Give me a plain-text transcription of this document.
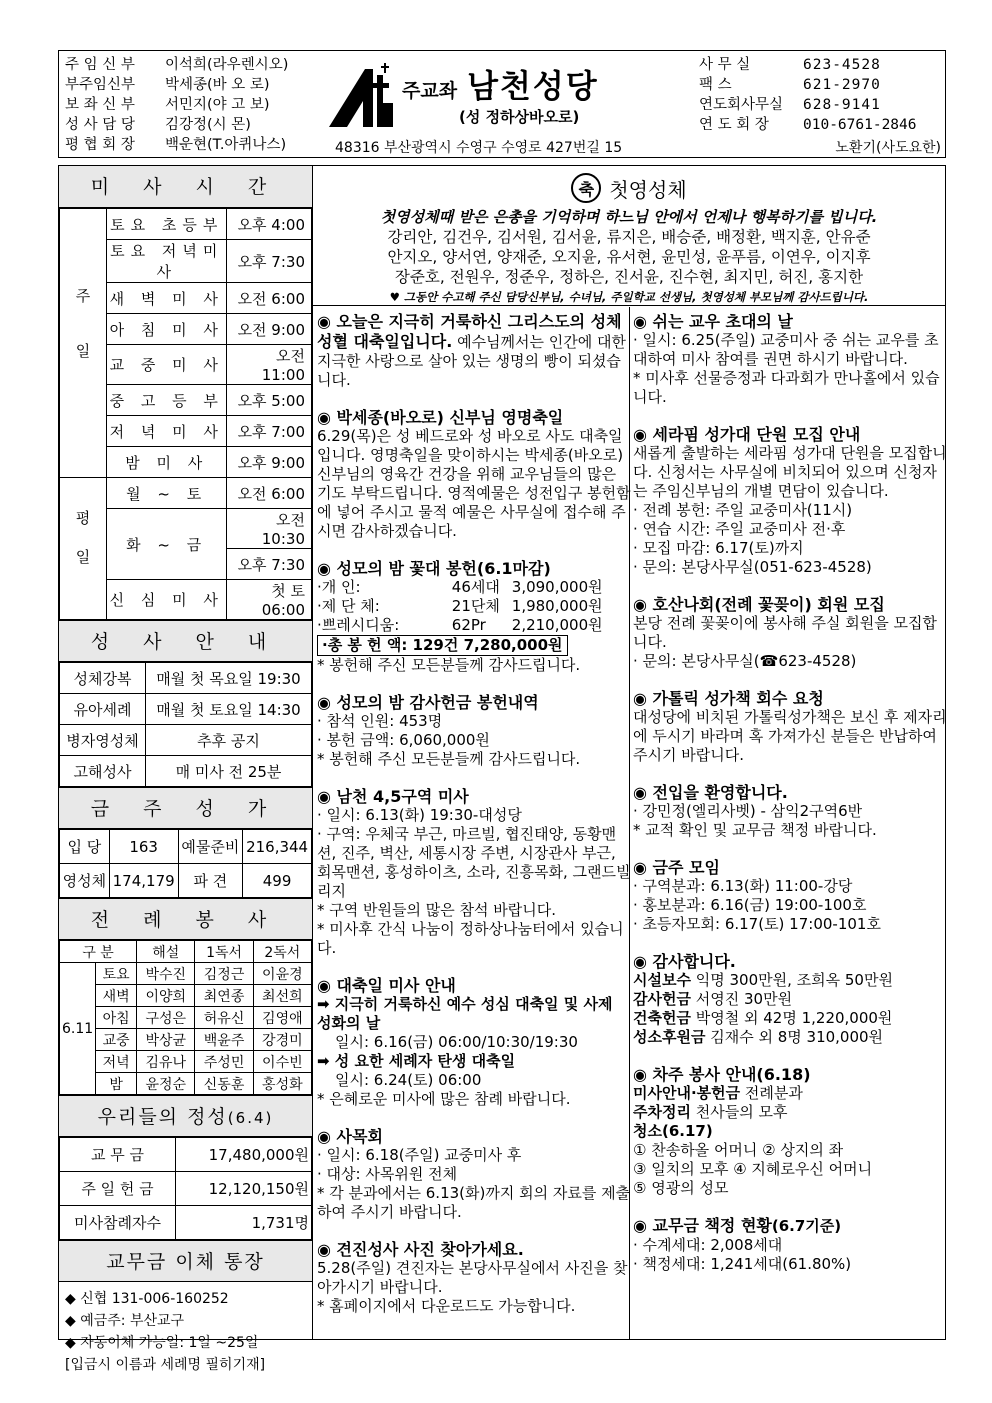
주 임 신 부	이석희(라우렌시오)
부주임신부	박세종(바 오 로)
보 좌 신 부	서민지(야 고 보)
성 사 담 당	김강정(시 몬)
평 협 회 장	백운현(T.아퀴나스)
주교좌 남천성당
(성 정하상바오로)
48316 부산광역시 수영구 수영로 427번길 15
사 무 실	623-4528
팩 스	621-2970
연도회사무실	628-9141
연 도 회 장	010-6761-2846
노환기(사도요한)
미 사 시 간
주일	토요 초등부	오후 4:00
	토요 저녁미사	오후 7:30
	새 벽 미 사	오전 6:00
	아 침 미 사	오전 9:00
	교 중 미 사	오전 11:00
	중 고 등 부	오후 5:00
	저 녁 미 사	오후 7:00
	밤 미 사	오후 9:00
평일	월 ~ 토	오전 6:00
	화 ~ 금	오전 10:30
		오후 7:30
	신 심 미 사	첫 토 06:00
성 사 안 내
성체강복	매월 첫 목요일 19:30
유아세례	매월 첫 토요일 14:30
병자영성체	추후 공지
고해성사	매 미사 전 25분
금 주 성 가
입 당	163	예물준비	216,344
영성체	174,179	파 견	499
전 례 봉 사
구 분		해설	1독서	2독서
6.11	토요	박수진	김정근	이윤경
	새벽	이양희	최연종	최선희
	아침	구성은	허유신	김영애
	교중	박상균	백윤주	강경미
	저녁	김유나	주성민	이수빈
	밤	윤정순	신동훈	홍성화
우리들의 정성(6.4)
교 무 금	17,480,000원
주 일 헌 금	12,120,150원
미사참례자수	1,731명
교무금 이체 통장
◆ 신협 131-006-160252
◆ 예금주: 부산교구
◆ 자동이체 가능일: 1일 ~25일
[입금시 이름과 세례명 필히기재]
축 첫영성체
첫영성체때 받은 은총을 기억하며 하느님 안에서 언제나 행복하기를 빕니다.
강리안, 김건우, 김서원, 김서윤, 류지은, 배승준, 배정환, 백지훈, 안유준
안지오, 양서연, 양재준, 오지윤, 유서현, 윤민성, 윤푸름, 이연우, 이지후
장준호, 전원우, 정준우, 정하은, 진서윤, 진수현, 최지민, 허진, 홍지한
♥ 그동안 수고해 주신 담당신부님, 수녀님, 주일학교 선생님, 첫영성체 부모님께 감사드립니다.

◉ 오늘은 지극히 거룩하신 그리스도의 성체 성혈 대축일입니다. 예수님께서는 인간에 대한 지극한 사랑으로 살아 있는 생명의 빵이 되셨습니다.

◉ 박세종(바오로) 신부님 영명축일

6.29(목)은 성 베드로와 성 바오로 사도 대축일입니다. 영명축일을 맞이하시는 박세종(바오로)신부님의 영육간 건강을 위해 교우님들의 많은 기도 부탁드립니다. 영적예물은 성전입구 봉헌함에 넣어 주시고 물적 예물은 사무실에 접수해 주시면 감사하겠습니다.

◉ 성모의 밤 꽃대 봉헌(6.1마감)

· 개 인:	46세대 3,090,000원

· 제 단 체:	21단체 1,980,000원

· 쁘레시디움:	62Pr	2,210,000원

·총 봉 헌 액: 129건 7,280,000원

* 봉헌해 주신 모든분들께 감사드립니다.

◉ 성모의 밤 감사헌금 봉헌내역

· 참석 인원: 453명

· 봉헌 금액: 6,060,000원

* 봉헌해 주신 모든분들께 감사드립니다.

◉ 남천 4,5구역 미사

· 일시: 6.13(화) 19:30-대성당

· 구역: 우체국 부근, 마르빌, 협진태양, 동황맨션, 진주, 벽산, 세통시장 주변, 시장관사 부근, 회목맨션, 홍성하이츠, 소라, 진흥목화, 그랜드빌리지

* 구역 반원들의 많은 참석 바랍니다.

* 미사후 간식 나눔이 정하상나눔터에서 있습니다.

◉ 대축일 미사 안내

➡ 지극히 거룩하신 예수 성심 대축일 및 사제 성화의 날

일시: 6.16(금) 06:00/10:30/19:30

➡ 성 요한 세례자 탄생 대축일

일시: 6.24(토) 06:00

* 은혜로운 미사에 많은 참례 바랍니다.

◉ 사목회

· 일시: 6.18(주일) 교중미사 후

· 대상: 사목위원 전체

* 각 분과에서는 6.13(화)까지 회의 자료를 제출하여 주시기 바랍니다.

◉ 견진성사 사진 찾아가세요.

5.28(주일) 견진자는 본당사무실에서 사진을 찾아가시기 바랍니다.

* 홈페이지에서 다운로드도 가능합니다.

◉ 쉬는 교우 초대의 날

· 일시: 6.25(주일) 교중미사 중 쉬는 교우를 초대하여 미사 참여를 권면 하시기 바랍니다.

* 미사후 선물증정과 다과회가 만나홀에서 있습니다.

◉ 세라핌 성가대 단원 모집 안내

새롭게 출발하는 세라핌 성가대 단원을 모집합니다. 신청서는 사무실에 비치되어 있으며 신청자는 주임신부님의 개별 면담이 있습니다.

· 전례 봉헌: 주일 교중미사(11시)

· 연습 시간: 주일 교중미사 전·후

· 모집 마감: 6.17(토)까지

· 문의: 본당사무실(051-623-4528)

◉ 호산나회(전례 꽃꽂이) 회원 모집

본당 전례 꽃꽂이에 봉사해 주실 회원을 모집합니다.

· 문의: 본당사무실(☎623-4528)

◉ 가톨릭 성가책 회수 요청

대성당에 비치된 가톨릭성가책은 보신 후 제자리에 두시기 바라며 혹 가져가신 분들은 반납하여 주시기 바랍니다.

◉ 전입을 환영합니다.

· 강민정(엘리사벳) - 삼익2구역6반

* 교적 확인 및 교무금 책정 바랍니다.

◉ 금주 모임

· 구역분과: 6.13(화) 11:00-강당

· 홍보분과: 6.16(금) 19:00-100호

· 초등자모회: 6.17(토) 17:00-101호

◉ 감사합니다.

시설보수 익명 300만원, 조희옥 50만원

감사헌금 서영진 30만원

건축헌금 박영철 외 42명 1,220,000원

성소후원금 김재수 외 8명 310,000원

◉ 차주 봉사 안내(6.18)

미사안내·봉헌금 전례분과

주차정리 천사들의 모후

청소(6.17)

① 찬송하올 어머니 ② 상지의 좌

③ 일치의 모후 ④ 지혜로우신 어머니

⑤ 영광의 성모

◉ 교무금 책정 현황(6.7기준)

· 수계세대: 2,008세대

· 책정세대: 1,241세대(61.80%)
